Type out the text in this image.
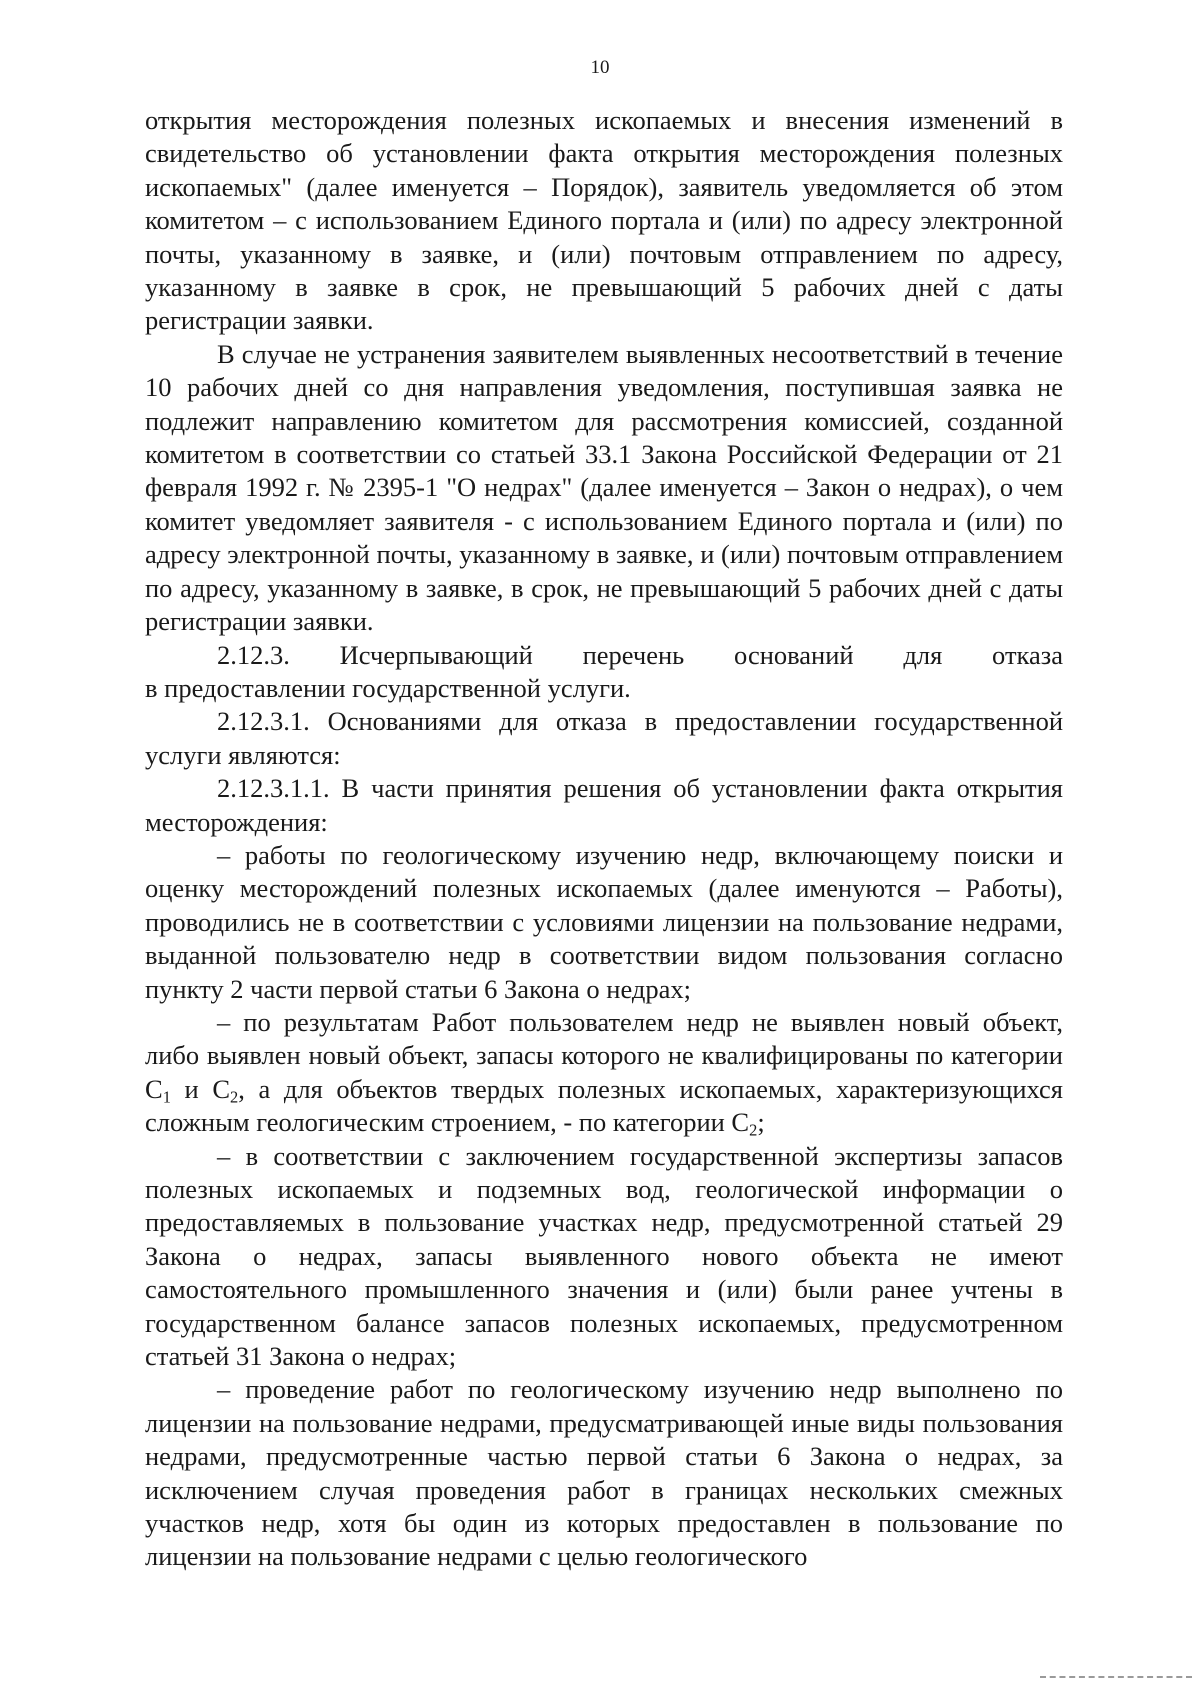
10

открытия месторождения полезных ископаемых и внесения изменений в свидетельство об установлении факта открытия месторождения полезных ископаемых" (далее именуется – Порядок), заявитель уведомляется об этом комитетом – с использованием Единого портала и (или) по адресу электронной почты, указанному в заявке, и (или) почтовым отправлением по адресу, указанному в заявке в срок, не превышающий 5 рабочих дней с даты регистрации заявки.

В случае не устранения заявителем выявленных несоответствий в течение 10 рабочих дней со дня направления уведомления, поступившая заявка не подлежит направлению комитетом для рассмотрения комиссией, созданной комитетом в соответствии со статьей 33.1 Закона Российской Федерации от 21 февраля 1992 г. № 2395-1 "О недрах" (далее именуется – Закон о недрах), о чем комитет уведомляет заявителя - с использованием Единого портала и (или) по адресу электронной почты, указанному в заявке, и (или) почтовым отправлением по адресу, указанному в заявке, в срок, не превышающий 5 рабочих дней с даты регистрации заявки.

2.12.3. Исчерпывающий перечень оснований для отказа

в предоставлении государственной услуги.

2.12.3.1. Основаниями для отказа в предоставлении государственной услуги являются:

2.12.3.1.1. В части принятия решения об установлении факта открытия месторождения:

– работы по геологическому изучению недр, включающему поиски и оценку месторождений полезных ископаемых (далее именуются – Работы), проводились не в соответствии с условиями лицензии на пользование недрами, выданной пользователю недр в соответствии видом пользования согласно пункту 2 части первой статьи 6 Закона о недрах;

– по результатам Работ пользователем недр не выявлен новый объект, либо выявлен новый объект, запасы которого не квалифицированы по категории $C_1$ и $C_2$, а для объектов твердых полезных ископаемых, характеризующихся сложным геологическим строением, - по категории $C_2$;

– в соответствии с заключением государственной экспертизы запасов полезных ископаемых и подземных вод, геологической информации о предоставляемых в пользование участках недр, предусмотренной статьей 29 Закона о недрах, запасы выявленного нового объекта не имеют самостоятельного промышленного значения и (или) были ранее учтены в государственном балансе запасов полезных ископаемых, предусмотренном статьей 31 Закона о недрах;

– проведение работ по геологическому изучению недр выполнено по лицензии на пользование недрами, предусматривающей иные виды пользования недрами, предусмотренные частью первой статьи 6 Закона о недрах, за исключением случая проведения работ в границах нескольких смежных участков недр, хотя бы один из которых предоставлен в пользование по лицензии на пользование недрами с целью геологического
